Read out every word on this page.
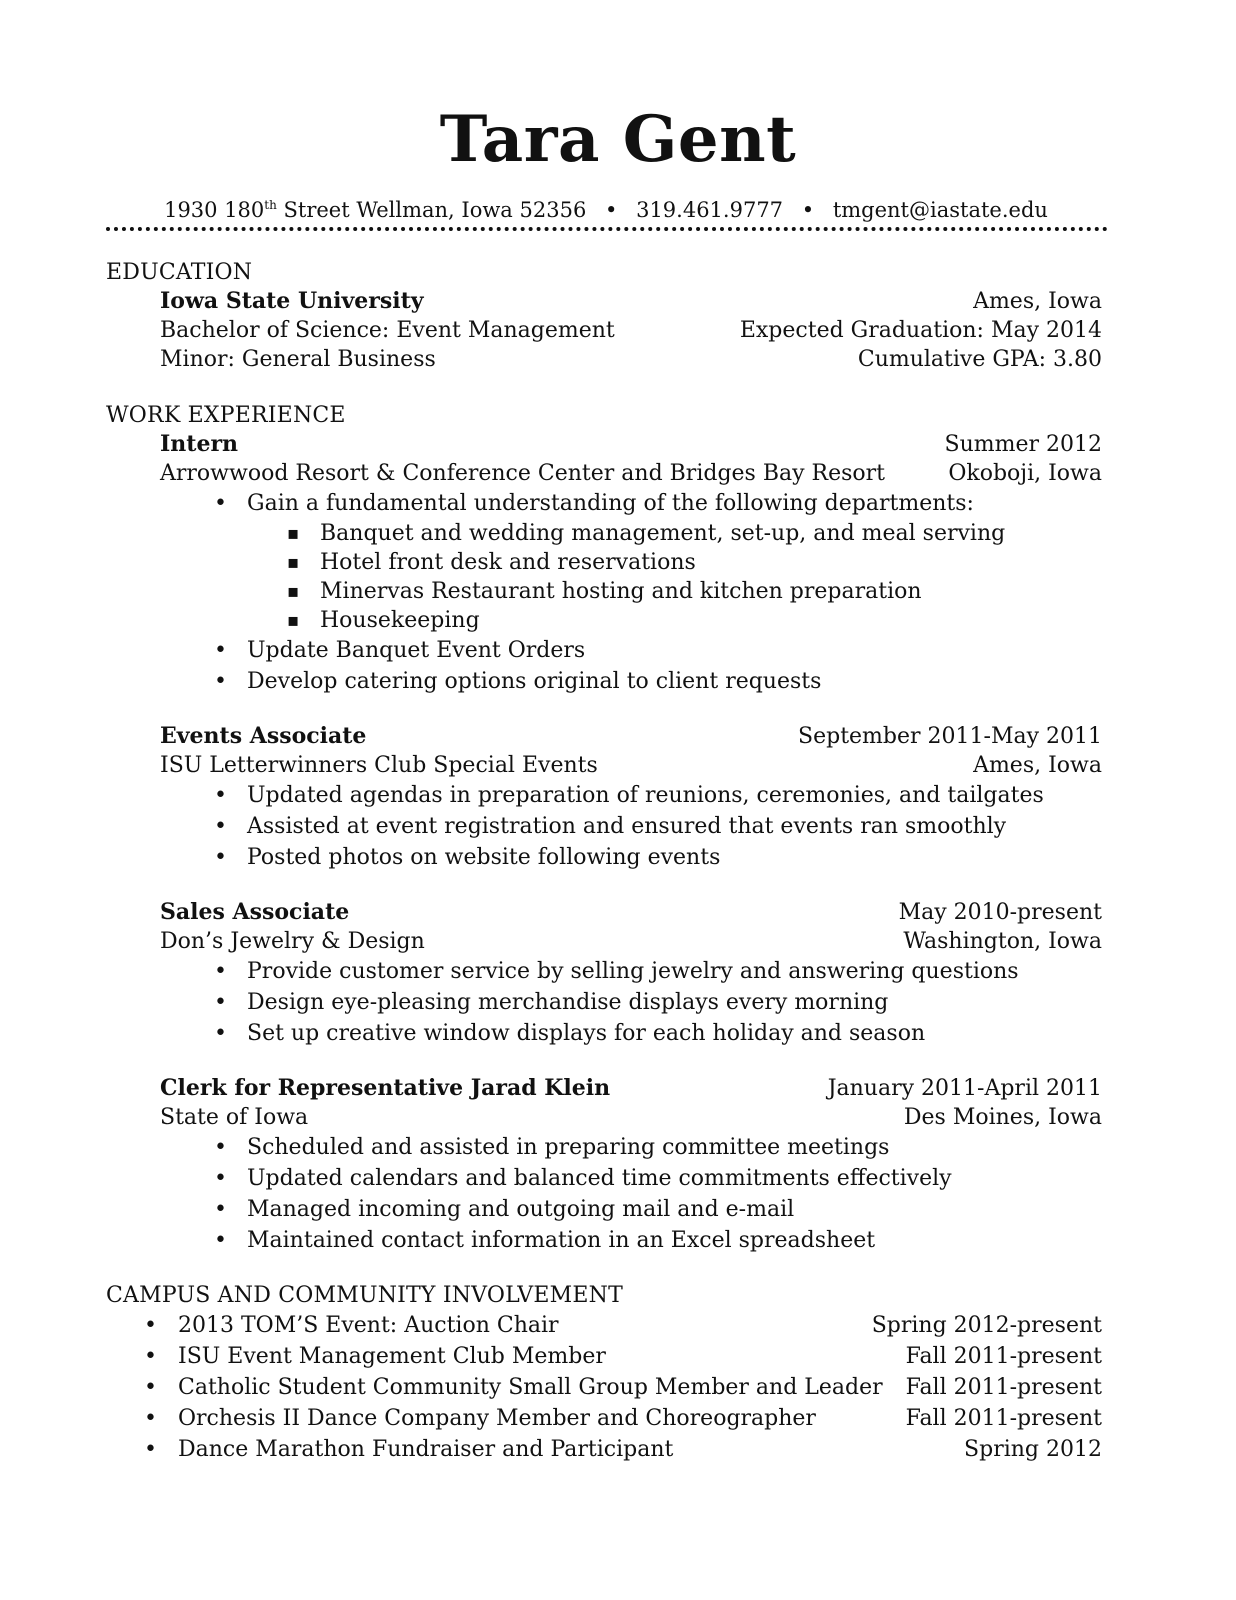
Tara Gent
1930 180th Street Wellman, Iowa 52356 • 319.461.9777 • tmgent@iastate.edu
EDUCATION
Iowa State University	Ames, Iowa
Bachelor of Science: Event Management	Expected Graduation: May 2014
Minor: General Business	Cumulative GPA: 3.80
WORK EXPERIENCE
Intern	Summer 2012
Arrowwood Resort & Conference Center and Bridges Bay Resort	Okoboji, Iowa
• Gain a fundamental understanding of the following departments:
▪ Banquet and wedding management, set-up, and meal serving
▪ Hotel front desk and reservations
▪ Minervas Restaurant hosting and kitchen preparation
▪ Housekeeping
• Update Banquet Event Orders
• Develop catering options original to client requests
Events Associate	September 2011-May 2011
ISU Letterwinners Club Special Events	Ames, Iowa
• Updated agendas in preparation of reunions, ceremonies, and tailgates
• Assisted at event registration and ensured that events ran smoothly
• Posted photos on website following events
Sales Associate	May 2010-present
Don’s Jewelry & Design	Washington, Iowa
• Provide customer service by selling jewelry and answering questions
• Design eye-pleasing merchandise displays every morning
• Set up creative window displays for each holiday and season
Clerk for Representative Jarad Klein	January 2011-April 2011
State of Iowa	Des Moines, Iowa
• Scheduled and assisted in preparing committee meetings
• Updated calendars and balanced time commitments effectively
• Managed incoming and outgoing mail and e-mail
• Maintained contact information in an Excel spreadsheet
CAMPUS AND COMMUNITY INVOLVEMENT
• 2013 TOM’S Event: Auction Chair	Spring 2012-present
• ISU Event Management Club Member	Fall 2011-present
• Catholic Student Community Small Group Member and Leader Fall 2011-present
• Orchesis II Dance Company Member and Choreographer	Fall 2011-present
• Dance Marathon Fundraiser and Participant	Spring 2012
